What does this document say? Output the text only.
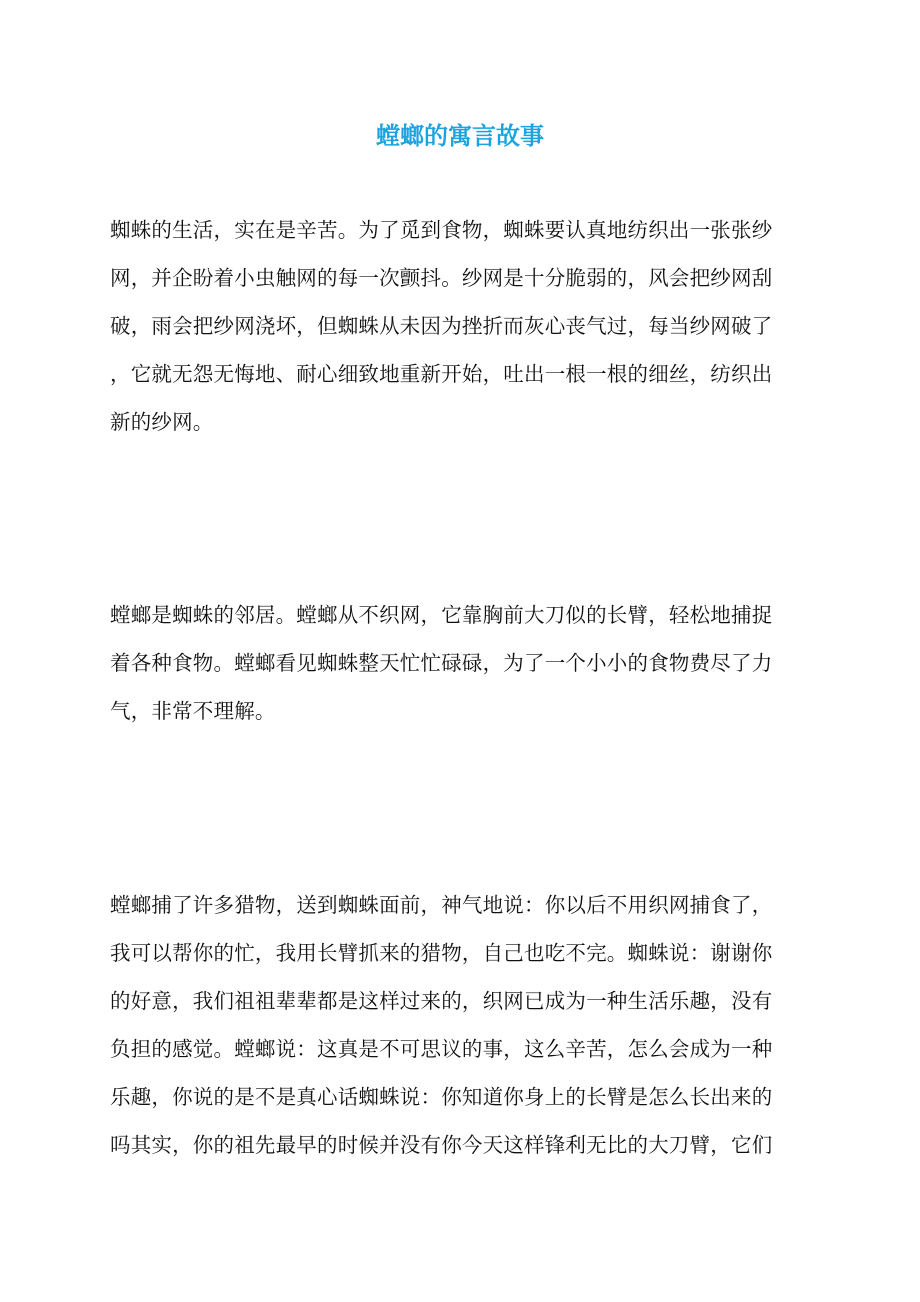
螳螂的寓言故事
蜘蛛的生活，实在是辛苦。为了觅到食物，蜘蛛要认真地纺织出一张张纱
网，并企盼着小虫触网的每一次颤抖。纱网是十分脆弱的，风会把纱网刮
破，雨会把纱网浇坏，但蜘蛛从未因为挫折而灰心丧气过，每当纱网破了
，它就无怨无悔地、耐心细致地重新开始，吐出一根一根的细丝，纺织出
新的纱网。
螳螂是蜘蛛的邻居。螳螂从不织网，它靠胸前大刀似的长臂，轻松地捕捉
着各种食物。螳螂看见蜘蛛整天忙忙碌碌，为了一个小小的食物费尽了力
气，非常不理解。
螳螂捕了许多猎物，送到蜘蛛面前，神气地说：你以后不用织网捕食了，
我可以帮你的忙，我用长臂抓来的猎物，自己也吃不完。蜘蛛说：谢谢你
的好意，我们祖祖辈辈都是这样过来的，织网已成为一种生活乐趣，没有
负担的感觉。螳螂说：这真是不可思议的事，这么辛苦，怎么会成为一种
乐趣，你说的是不是真心话蜘蛛说：你知道你身上的长臂是怎么长出来的
吗其实，你的祖先最早的时候并没有你今天这样锋利无比的大刀臂，它们
